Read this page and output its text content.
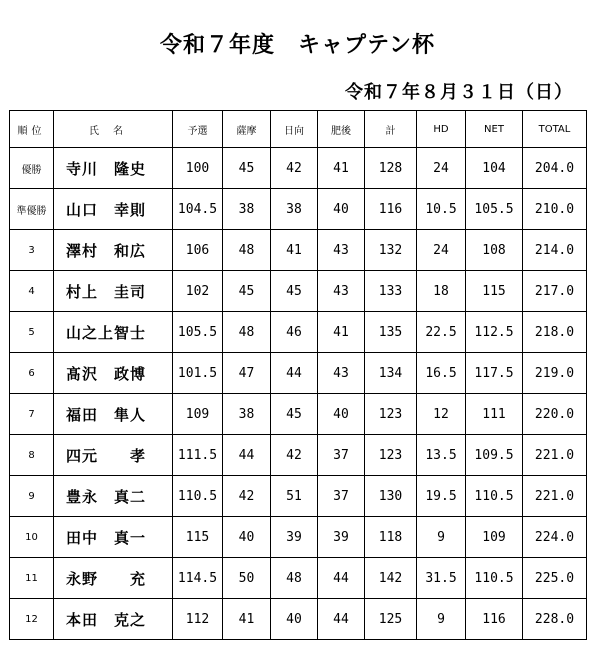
令和７年度　キャプテン杯
令和７年８月３１日（日）
順位	氏名	予選	薩摩	日向	肥後	計	HD	NET	TOTAL
優勝	寺川　隆史	100	45	42	41	128	24	104	204.0
準優勝	山口　幸則	104.5	38	38	40	116	10.5	105.5	210.0
3	澤村　和広	106	48	41	43	132	24	108	214.0
4	村上　圭司	102	45	45	43	133	18	115	217.0
5	山之上智士	105.5	48	46	41	135	22.5	112.5	218.0
6	髙沢　政博	101.5	47	44	43	134	16.5	117.5	219.0
7	福田　隼人	109	38	45	40	123	12	111	220.0
8	四元　　孝	111.5	44	42	37	123	13.5	109.5	221.0
9	豊永　真二	110.5	42	51	37	130	19.5	110.5	221.0
10	田中　真一	115	40	39	39	118	9	109	224.0
11	永野　　充	114.5	50	48	44	142	31.5	110.5	225.0
12	本田　克之	112	41	40	44	125	9	116	228.0
